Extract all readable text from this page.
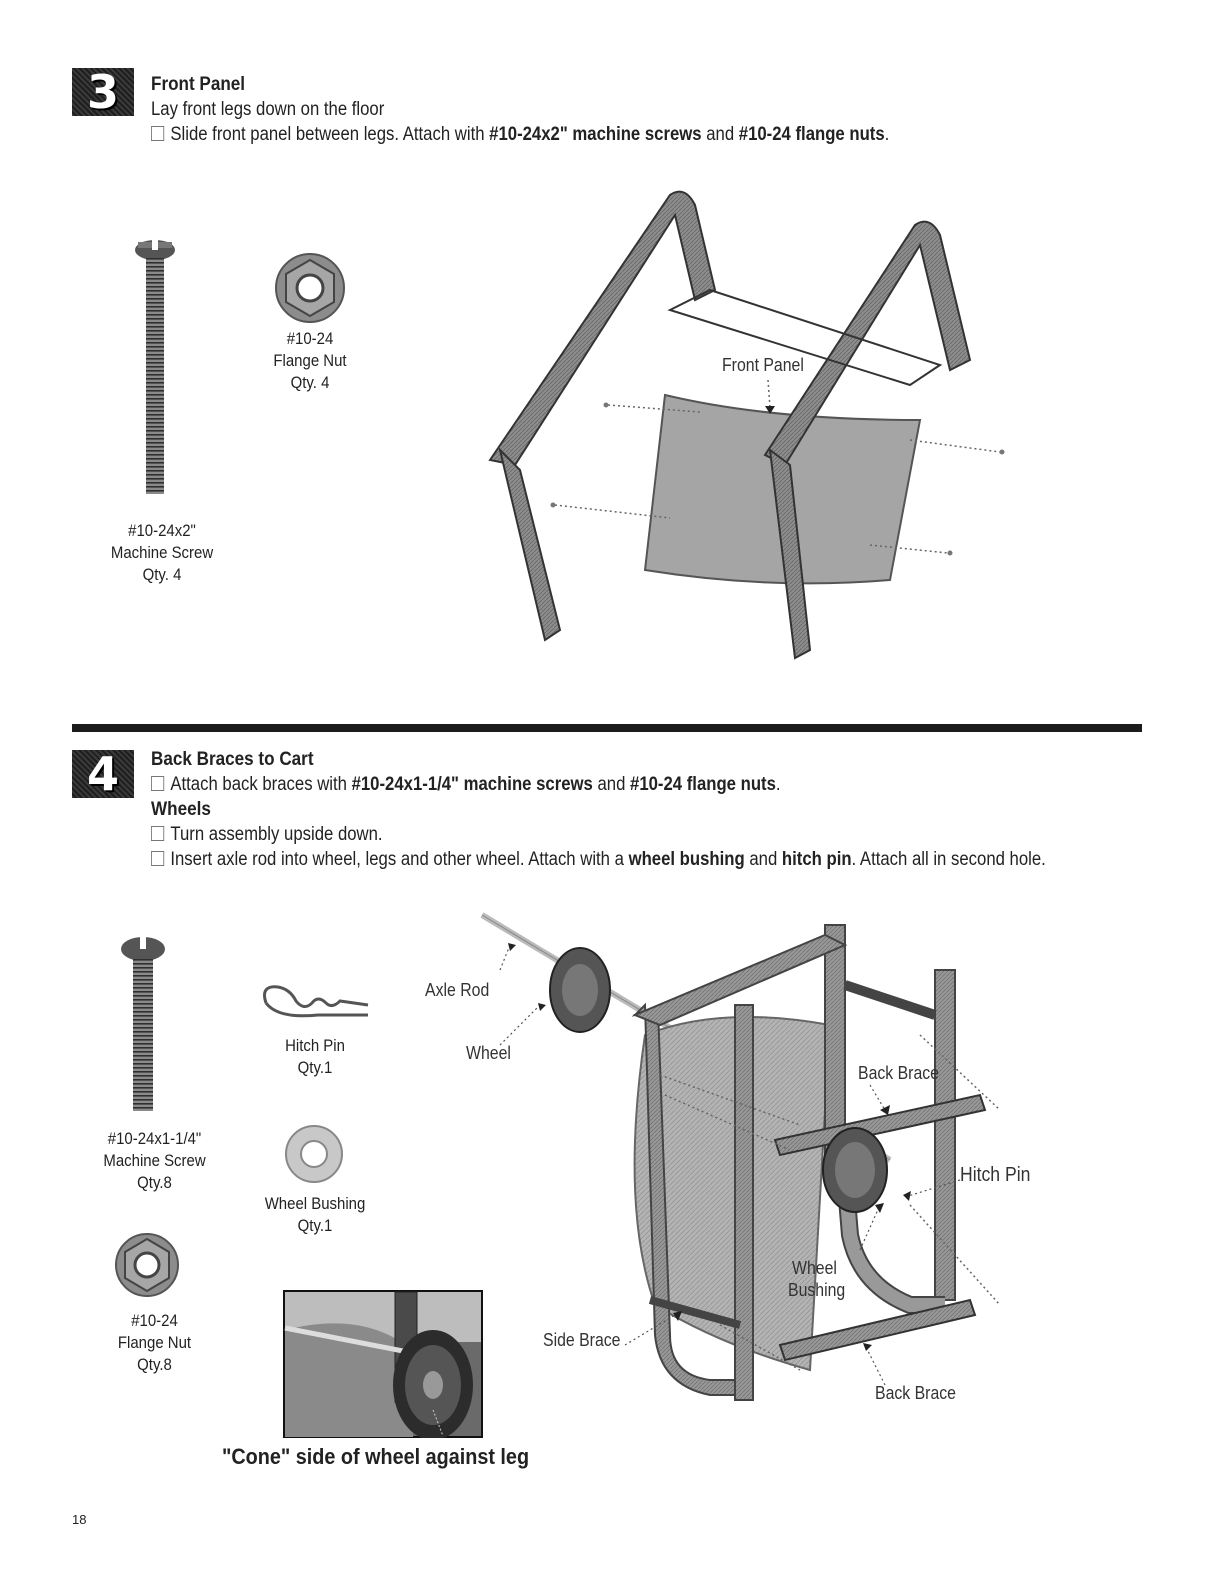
3	Front Panel
Lay front legs down on the floor
Slide front panel between legs. Attach with #10-24x2" machine screws and #10-24 flange nuts.
#10-24x2"
Machine Screw
Qty. 4
#10-24
Flange Nut
Qty. 4
Front Panel
4	Back Braces to Cart
Attach back braces with #10-24x1-1/4" machine screws and #10-24 flange nuts.
Wheels
Turn assembly upside down.
Insert axle rod into wheel, legs and other wheel. Attach with a wheel bushing and hitch pin. Attach all in second hole.
#10-24x1-1/4"
Machine Screw
Qty.8
#10-24
Flange Nut
Qty.8
Hitch Pin
Qty.1
Wheel Bushing
Qty.1
"Cone" side of wheel against leg
Axle Rod
Wheel
Back Brace
Hitch Pin
Wheel
Bushing
Side Brace
Back Brace
18
